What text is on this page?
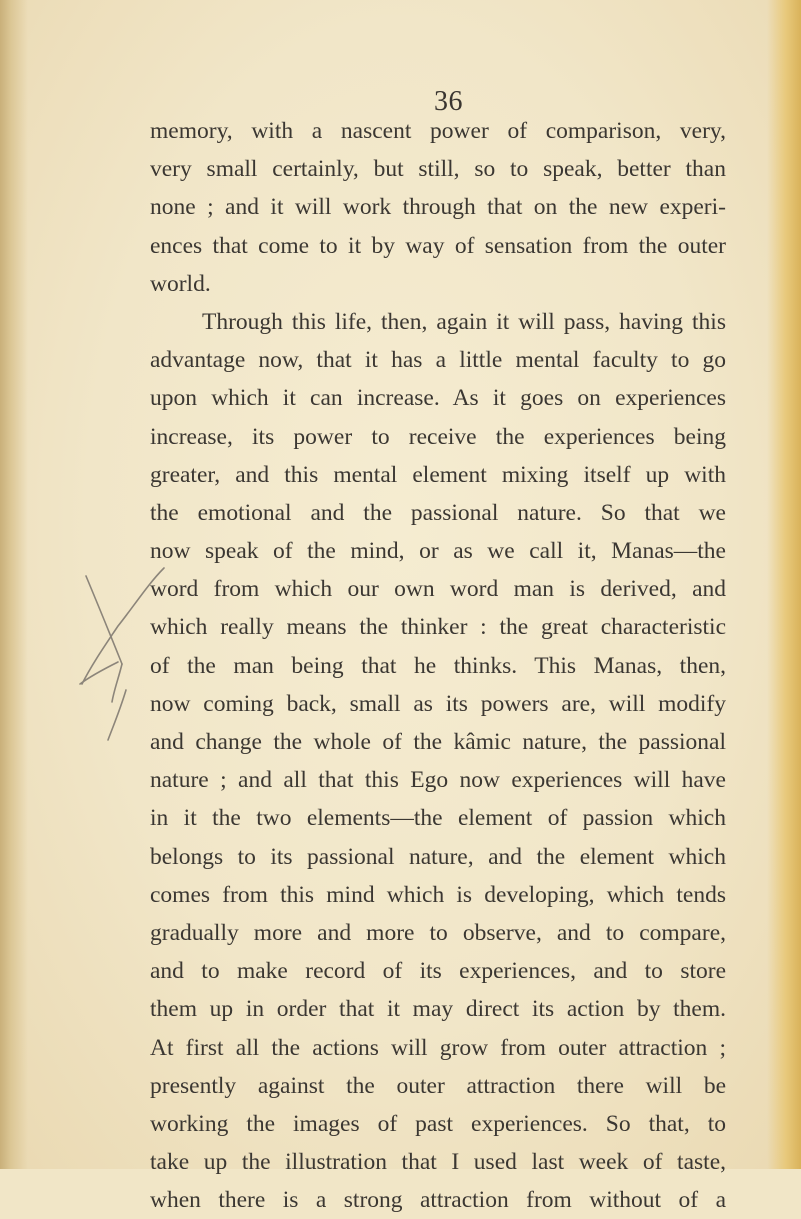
36
memory, with a nascent power of comparison, very,
very small certainly, but still, so to speak, better than
none ; and it will work through that on the new experi-
ences that come to it by way of sensation from the outer
world.
Through this life, then, again it will pass, having this
advantage now, that it has a little mental faculty to go
upon which it can increase. As it goes on experiences
increase, its power to receive the experiences being
greater, and this mental element mixing itself up with
the emotional and the passional nature. So that we
now speak of the mind, or as we call it, Manas—the
word from which our own word man is derived, and
which really means the thinker : the great characteristic
of the man being that he thinks. This Manas, then,
now coming back, small as its powers are, will modify
and change the whole of the kâmic nature, the passional
nature ; and all that this Ego now experiences will have
in it the two elements—the element of passion which
belongs to its passional nature, and the element which
comes from this mind which is developing, which tends
gradually more and more to observe, and to compare,
and to make record of its experiences, and to store
them up in order that it may direct its action by them.
At first all the actions will grow from outer attraction ;
presently against the outer attraction there will be
working the images of past experiences. So that, to
take up the illustration that I used last week of taste,
when there is a strong attraction from without of a
